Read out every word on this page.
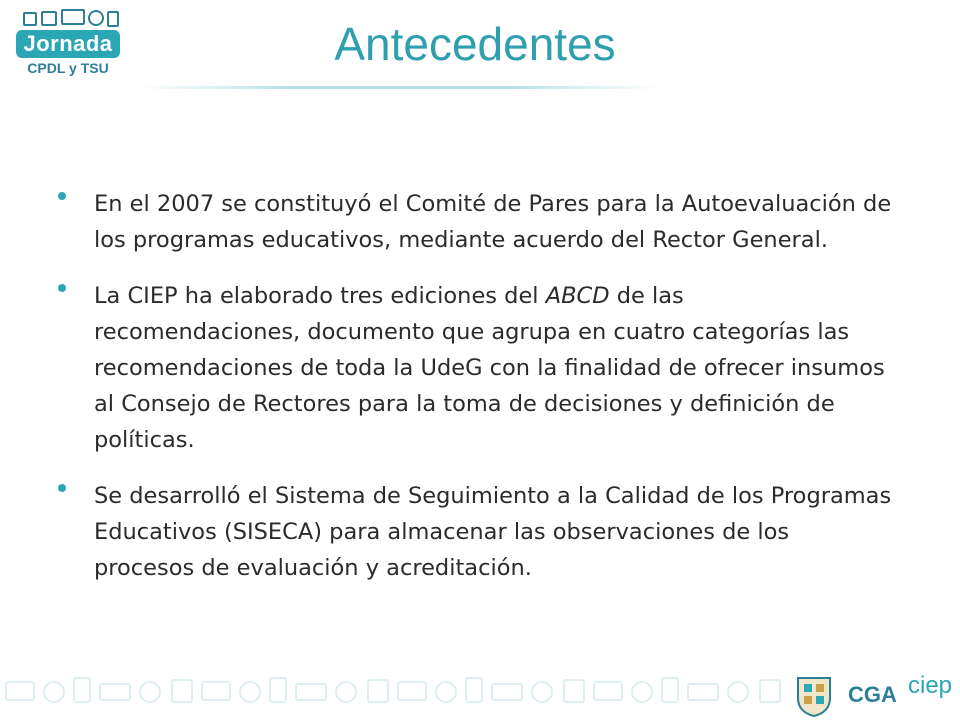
Jornada
CPDL y TSU	Antecedentes
En el 2007 se constituyó el Comité de Pares para la Autoevaluación de los programas educativos, mediante acuerdo del Rector General.
La CIEP ha elaborado tres ediciones del ABCD de las recomendaciones, documento que agrupa en cuatro categorías las recomendaciones de toda la UdeG con la finalidad de ofrecer insumos al Consejo de Rectores para la toma de decisiones y definición de políticas.
Se desarrolló el Sistema de Seguimiento a la Calidad de los Programas Educativos (SISECA) para almacenar las observaciones de los procesos de evaluación y acreditación.
CGA ciep
